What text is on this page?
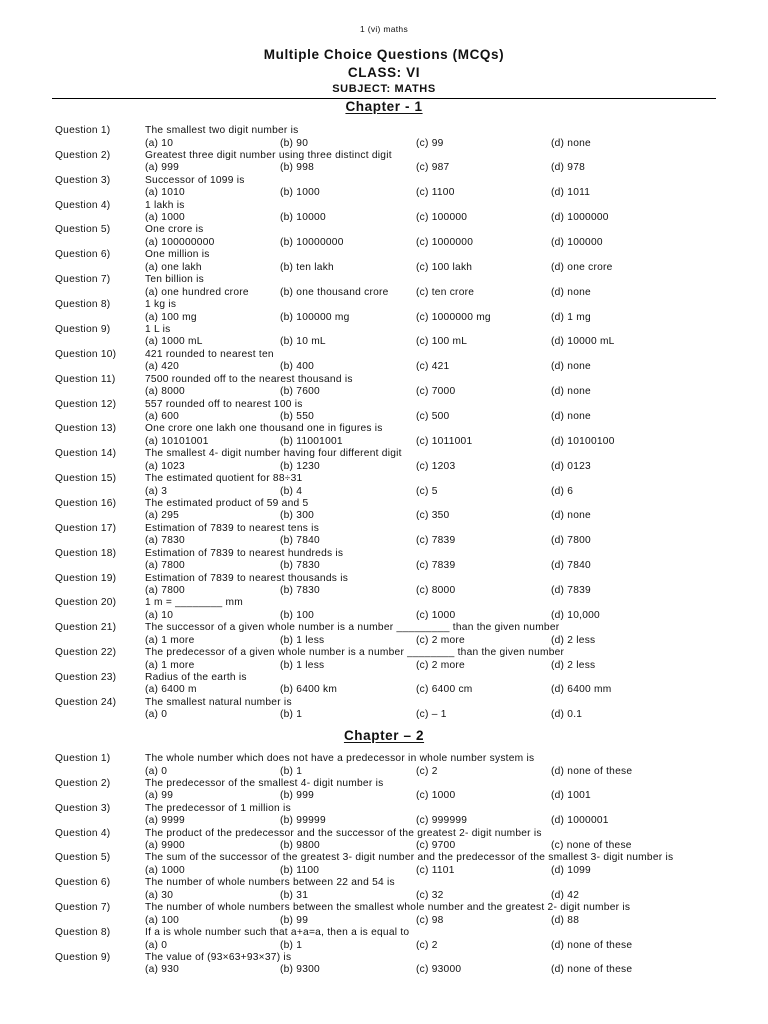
1 (vi) maths
Multiple Choice Questions (MCQs)
CLASS: VI
SUBJECT: MATHS
Chapter - 1
Question 1)	The smallest two digit number is
(a) 10	(b) 90	(c) 99	(d) none
Question 2)	Greatest three digit number using three distinct digit
(a) 999	(b) 998	(c) 987	(d) 978
Question 3)	Successor of 1099 is
(a) 1010	(b) 1000	(c) 1100	(d) 1011
Question 4)	1 lakh is
(a) 1000	(b) 10000	(c) 100000	(d) 1000000
Question 5)	One crore is
(a) 100000000	(b) 10000000	(c) 1000000	(d) 100000
Question 6)	One million is
(a) one lakh	(b) ten lakh	(c) 100 lakh	(d) one crore
Question 7)	Ten billion is
(a) one hundred crore	(b) one thousand crore	(c) ten crore	(d) none
Question 8)	1 kg is
(a) 100 mg	(b) 100000 mg	(c) 1000000 mg	(d) 1 mg
Question 9)	1 L is
(a) 1000 mL	(b) 10 mL	(c) 100 mL	(d) 10000 mL
Question 10)	421 rounded to nearest ten
(a) 420	(b) 400	(c) 421	(d) none
Question 11)	7500 rounded off to the nearest thousand is
(a) 8000	(b) 7600	(c) 7000	(d) none
Question 12)	557 rounded off to nearest 100 is
(a) 600	(b) 550	(c) 500	(d) none
Question 13)	One crore one lakh one thousand one in figures is
(a) 10101001	(b) 11001001	(c) 1011001	(d) 10100100
Question 14)	The smallest 4- digit number having four different digit
(a) 1023	(b) 1230	(c) 1203	(d) 0123
Question 15)	The estimated quotient for 88÷31
(a) 3	(b) 4	(c) 5	(d) 6
Question 16)	The estimated product of 59 and 5
(a) 295	(b) 300	(c) 350	(d) none
Question 17)	Estimation of 7839 to nearest tens is
(a) 7830	(b) 7840	(c) 7839	(d) 7800
Question 18)	Estimation of 7839 to nearest hundreds is
(a) 7800	(b) 7830	(c) 7839	(d) 7840
Question 19)	Estimation of 7839 to nearest thousands is
(a) 7800	(b) 7830	(c) 8000	(d) 7839
Question 20)	1 m = ________ mm
(a) 10	(b) 100	(c) 1000	(d) 10,000
Question 21)	The successor of a given whole number is a number _________ than the given number
(a) 1 more	(b) 1 less	(c) 2 more	(d) 2 less
Question 22)	The predecessor of a given whole number is a number ________ than the given number
(a) 1 more	(b) 1 less	(c) 2 more	(d) 2 less
Question 23)	Radius of the earth is
(a) 6400 m	(b) 6400 km	(c) 6400 cm	(d) 6400 mm
Question 24)	The smallest natural number is
(a) 0	(b) 1	(c) – 1	(d) 0.1
Chapter – 2
Question 1)	The whole number which does not have a predecessor in whole number system is
(a) 0	(b) 1	(c) 2	(d) none of these
Question 2)	The predecessor of the smallest 4- digit number is
(a) 99	(b) 999	(c) 1000	(d) 1001
Question 3)	The predecessor of 1 million is
(a) 9999	(b) 99999	(c) 999999	(d) 1000001
Question 4)	The product of the predecessor and the successor of the greatest 2- digit number is
(a) 9900	(b) 9800	(c) 9700	(c) none of these
Question 5)	The sum of the successor of the greatest 3- digit number and the predecessor of the smallest 3- digit number is
(a) 1000	(b) 1100	(c) 1101	(d) 1099
Question 6)	The number of whole numbers between 22 and 54 is
(a) 30	(b) 31	(c) 32	(d) 42
Question 7)	The number of whole numbers between the smallest whole number and the greatest 2- digit number is
(a) 100	(b) 99	(c) 98	(d) 88
Question 8)	If a is whole number such that a+a=a, then a is equal to
(a) 0	(b) 1	(c) 2	(d) none of these
Question 9)	The value of (93×63+93×37) is
(a) 930	(b) 9300	(c) 93000	(d) none of these
